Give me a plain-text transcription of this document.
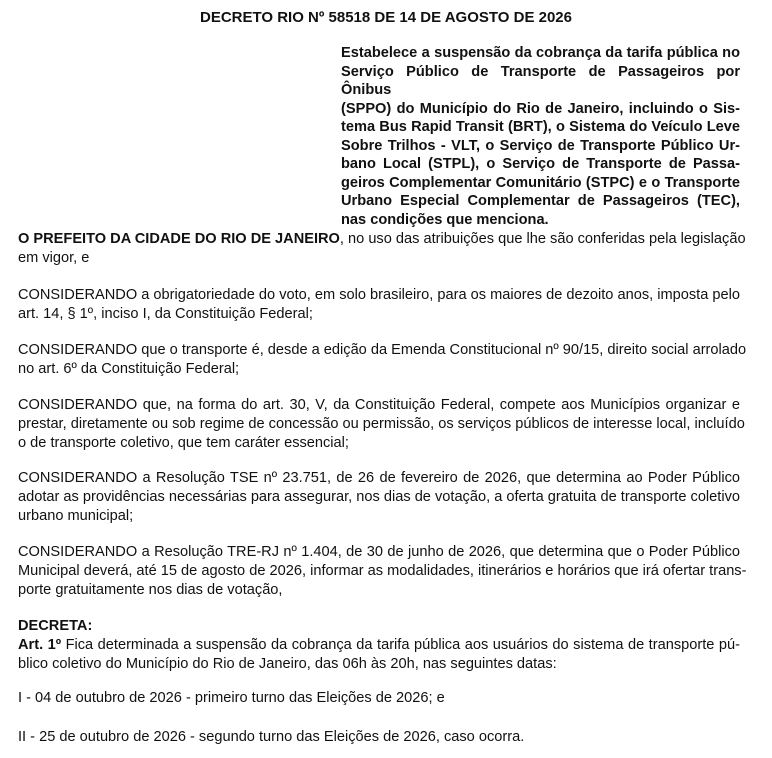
DECRETO RIO Nº 58518 DE 14 DE AGOSTO DE 2026
Estabelece a suspensão da cobrança da tarifa pública no
Serviço Público de Transporte de Passageiros por Ônibus
(SPPO) do Município do Rio de Janeiro, incluindo o Sis-
tema Bus Rapid Transit (BRT), o Sistema do Veículo Leve
Sobre Trilhos - VLT, o Serviço de Transporte Público Ur-
bano Local (STPL), o Serviço de Transporte de Passa-
geiros Complementar Comunitário (STPC) e o Transporte
Urbano Especial Complementar de Passageiros (TEC),
nas condições que menciona.
O PREFEITO DA CIDADE DO RIO DE JANEIRO, no uso das atribuições que lhe são conferidas pela legislação
em vigor, e
CONSIDERANDO a obrigatoriedade do voto, em solo brasileiro, para os maiores de dezoito anos, imposta pelo
art. 14, § 1º, inciso I, da Constituição Federal;
CONSIDERANDO que o transporte é, desde a edição da Emenda Constitucional nº 90/15, direito social arrolado
no art. 6º da Constituição Federal;
CONSIDERANDO que, na forma do art. 30, V, da Constituição Federal, compete aos Municípios organizar e
prestar, diretamente ou sob regime de concessão ou permissão, os serviços públicos de interesse local, incluído
o de transporte coletivo, que tem caráter essencial;
CONSIDERANDO a Resolução TSE nº 23.751, de 26 de fevereiro de 2026, que determina ao Poder Público
adotar as providências necessárias para assegurar, nos dias de votação, a oferta gratuita de transporte coletivo
urbano municipal;
CONSIDERANDO a Resolução TRE-RJ nº 1.404, de 30 de junho de 2026, que determina que o Poder Público
Municipal deverá, até 15 de agosto de 2026, informar as modalidades, itinerários e horários que irá ofertar trans-
porte gratuitamente nos dias de votação,
DECRETA:
Art. 1º Fica determinada a suspensão da cobrança da tarifa pública aos usuários do sistema de transporte pú-
blico coletivo do Município do Rio de Janeiro, das 06h às 20h, nas seguintes datas:
I - 04 de outubro de 2026 - primeiro turno das Eleições de 2026; e
II - 25 de outubro de 2026 - segundo turno das Eleições de 2026, caso ocorra.
